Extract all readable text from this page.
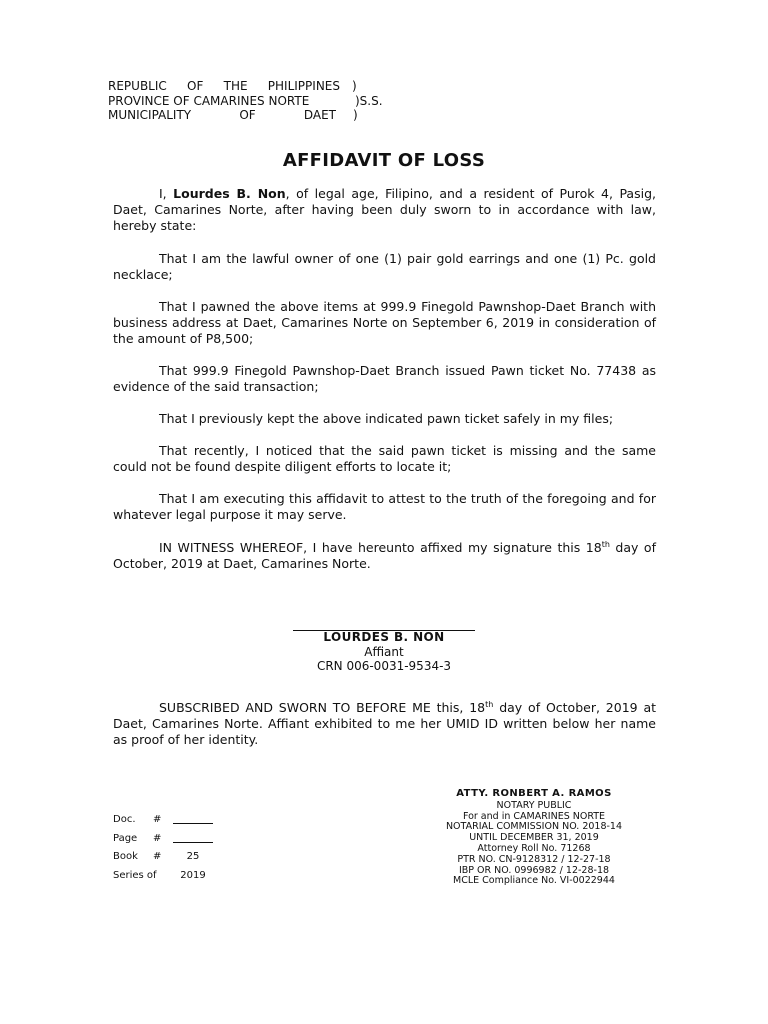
REPUBLIC OF THE PHILIPPINES )
PROVINCE OF CAMARINES NORTE	)S.S.
MUNICIPALITY	OF	DAET )
AFFIDAVIT OF LOSS
I, Lourdes B. Non, of legal age, Filipino, and a resident of Purok 4, Pasig, Daet, Camarines Norte, after having been duly sworn to in accordance with law, hereby state:
That I am the lawful owner of one (1) pair gold earrings and one (1) Pc. gold necklace;
That I pawned the above items at 999.9 Finegold Pawnshop-Daet Branch with business address at Daet, Camarines Norte on September 6, 2019 in consideration of the amount of P8,500;
That 999.9 Finegold Pawnshop-Daet Branch issued Pawn ticket No. 77438 as evidence of the said transaction;
That I previously kept the above indicated pawn ticket safely in my files;
That recently, I noticed that the said pawn ticket is missing and the same could not be found despite diligent efforts to locate it;
That I am executing this affidavit to attest to the truth of the foregoing and for whatever legal purpose it may serve.
IN WITNESS WHEREOF, I have hereunto affixed my signature this 18th day of October, 2019 at Daet, Camarines Norte.
LOURDES B. NON
Affiant
CRN 006-0031-9534-3
SUBSCRIBED AND SWORN TO BEFORE ME this, 18th day of October, 2019 at Daet, Camarines Norte. Affiant exhibited to me her UMID ID written below her name as proof of her identity.
ATTY. RONBERT A. RAMOS
NOTARY PUBLIC
For and in CAMARINES NORTE
NOTARIAL COMMISSION NO. 2018-14
UNTIL DECEMBER 31, 2019
Attorney Roll No. 71268
PTR NO. CN-9128312 / 12-27-18
IBP OR NO. 0996982 / 12-28-18
MCLE Compliance No. VI-0022944
Doc.	#
Page	#
Book	#	25
Series of	2019
